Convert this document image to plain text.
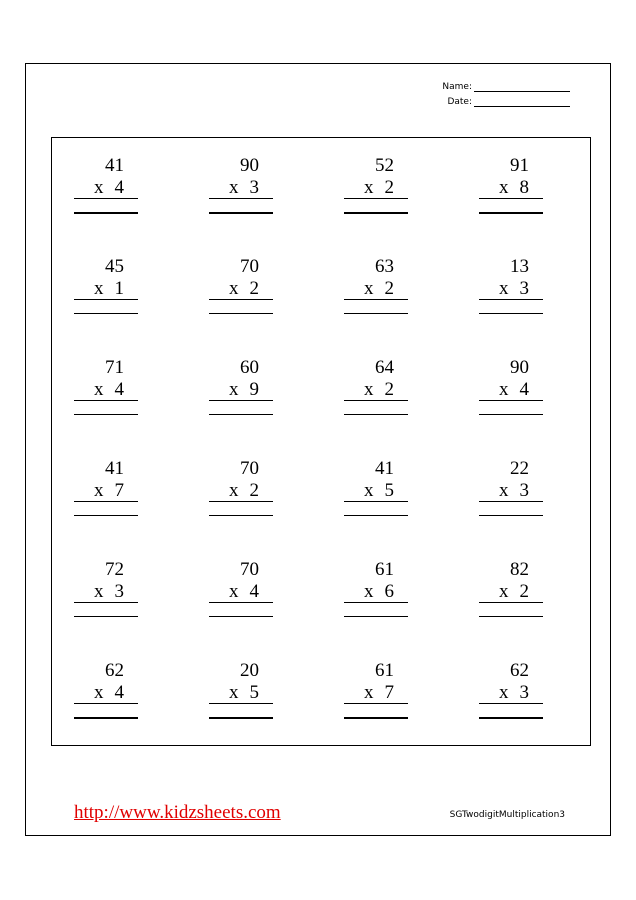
Name:
Date:
41
x 4
90
x 3
52
x 2
91
x 8
45
x 1
70
x 2
63
x 2
13
x 3
71
x 4
60
x 9
64
x 2
90
x 4
41
x 7
70
x 2
41
x 5
22
x 3
72
x 3
70
x 4
61
x 6
82
x 2
62
x 4
20
x 5
61
x 7
62
x 3
http://www.kidzsheets.com	SGTwodigitMultiplication3
